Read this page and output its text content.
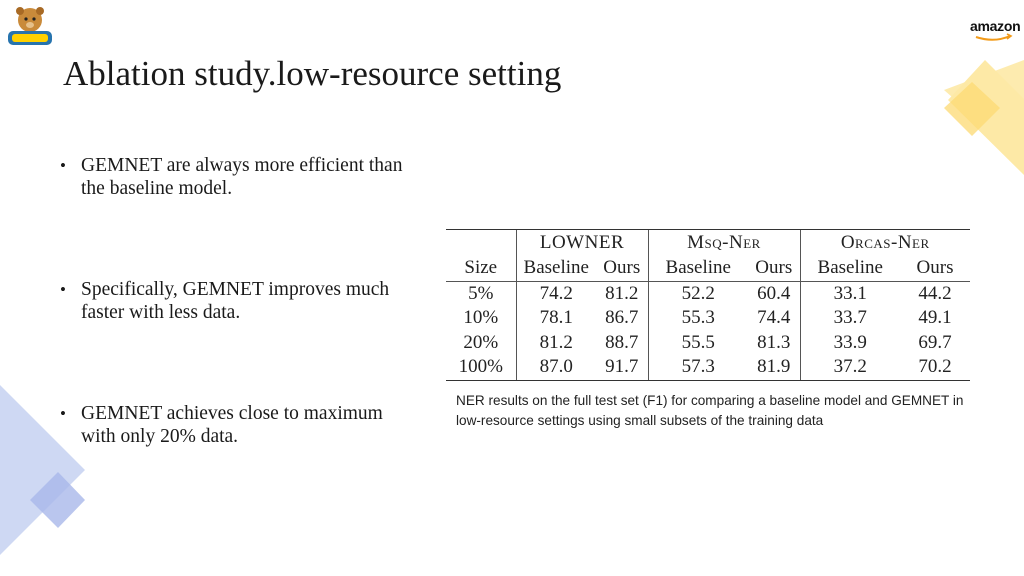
amazon
Ablation study.low-resource setting
• GEMNET are always more efficient than the baseline model.
• Specifically, GEMNET improves much faster with less data.
• GEMNET achieves close to maximum with only 20% data.
	LOWNER		Msq-Ner		Orcas-Ner	
Size	Baseline	Ours	Baseline	Ours	Baseline	Ours
5%	74.2	81.2	52.2	60.4	33.1	44.2
10%	78.1	86.7	55.3	74.4	33.7	49.1
20%	81.2	88.7	55.5	81.3	33.9	69.7
100%	87.0	91.7	57.3	81.9	37.2	70.2
NER results on the full test set (F1) for comparing a baseline model and GEMNET in low-resource settings using small subsets of the training data
